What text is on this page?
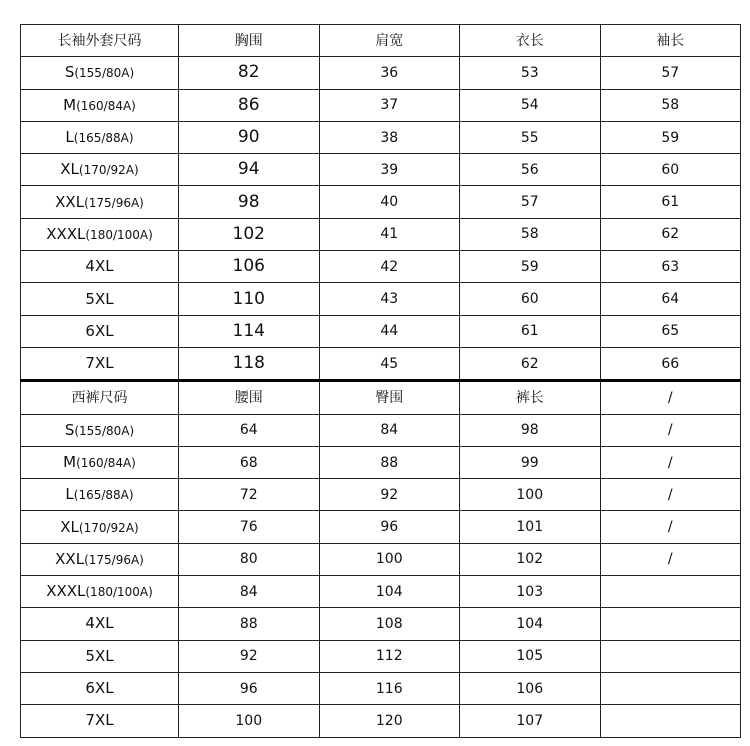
长袖外套尺码	胸围	肩宽	衣长	袖长
S(155/80A)	82	36	53	57
M(160/84A)	86	37	54	58
L(165/88A)	90	38	55	59
XL(170/92A)	94	39	56	60
XXL(175/96A)	98	40	57	61
XXXL(180/100A)	102	41	58	62
4XL	106	42	59	63
5XL	110	43	60	64
6XL	114	44	61	65
7XL	118	45	62	66
西裤尺码	腰围	臀围	裤长	/
S(155/80A)	64	84	98	/
M(160/84A)	68	88	99	/
L(165/88A)	72	92	100	/
XL(170/92A)	76	96	101	/
XXL(175/96A)	80	100	102	/
XXXL(180/100A)	84	104	103	
4XL	88	108	104	
5XL	92	112	105	
6XL	96	116	106	
7XL	100	120	107	
